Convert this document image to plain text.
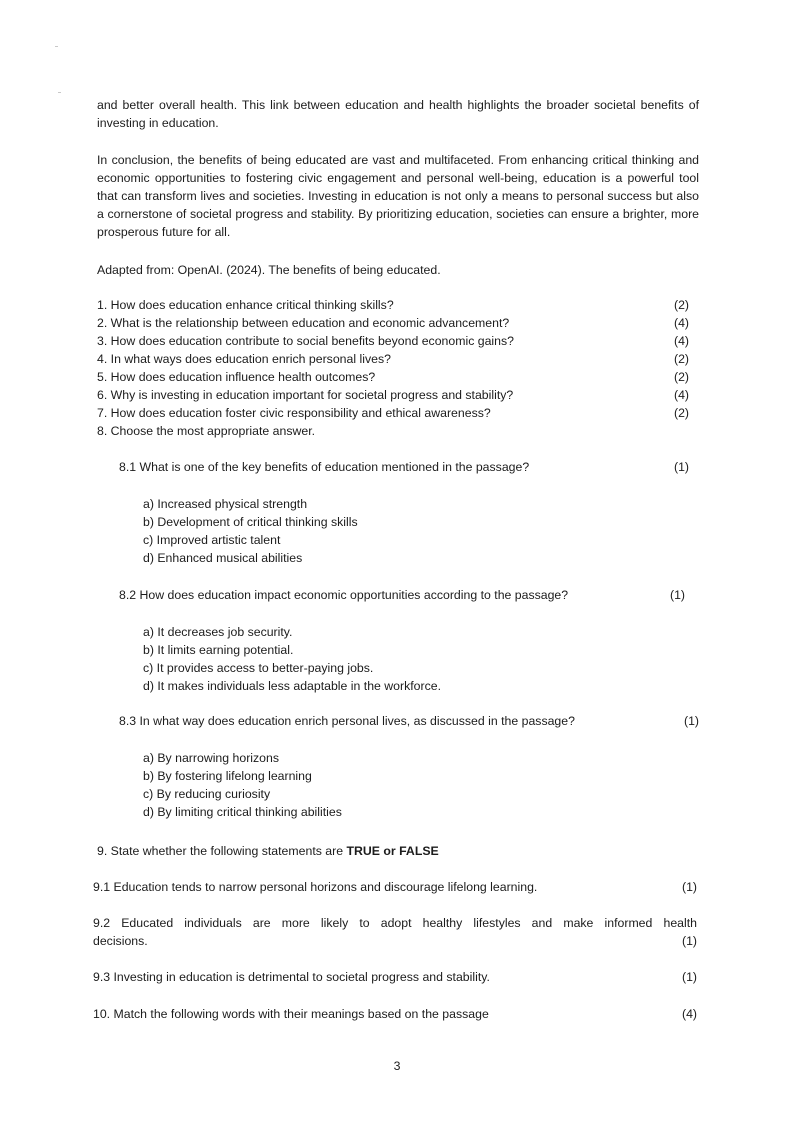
and better overall health. This link between education and health highlights the broader societal benefits of investing in education.

In conclusion, the benefits of being educated are vast and multifaceted. From enhancing critical thinking and economic opportunities to fostering civic engagement and personal well-being, education is a powerful tool that can transform lives and societies. Investing in education is not only a means to personal success but also a cornerstone of societal progress and stability. By prioritizing education, societies can ensure a brighter, more prosperous future for all.

Adapted from: OpenAI. (2024). The benefits of being educated.

1. How does education enhance critical thinking skills?	(2)
2. What is the relationship between education and economic advancement?	(4)
3. How does education contribute to social benefits beyond economic gains?	(4)
4. In what ways does education enrich personal lives?	(2)
5. How does education influence health outcomes?	(2)
6. Why is investing in education important for societal progress and stability?	(4)
7. How does education foster civic responsibility and ethical awareness?	(2)
8. Choose the most appropriate answer.
8.1 What is one of the key benefits of education mentioned in the passage?	(1)
a) Increased physical strength
b) Development of critical thinking skills
c) Improved artistic talent
d) Enhanced musical abilities
8.2 How does education impact economic opportunities according to the passage?	(1)
a) It decreases job security.
b) It limits earning potential.
c) It provides access to better-paying jobs.
d) It makes individuals less adaptable in the workforce.
8.3 In what way does education enrich personal lives, as discussed in the passage?	(1)
a) By narrowing horizons
b) By fostering lifelong learning
c) By reducing curiosity
d) By limiting critical thinking abilities

9. State whether the following statements are TRUE or FALSE

9.1 Education tends to narrow personal horizons and discourage lifelong learning.	(1)
9.2 Educated individuals are more likely to adopt healthy lifestyles and make informed health
decisions.	(1)
9.3 Investing in education is detrimental to societal progress and stability.	(1)
10. Match the following words with their meanings based on the passage	(4)
3
